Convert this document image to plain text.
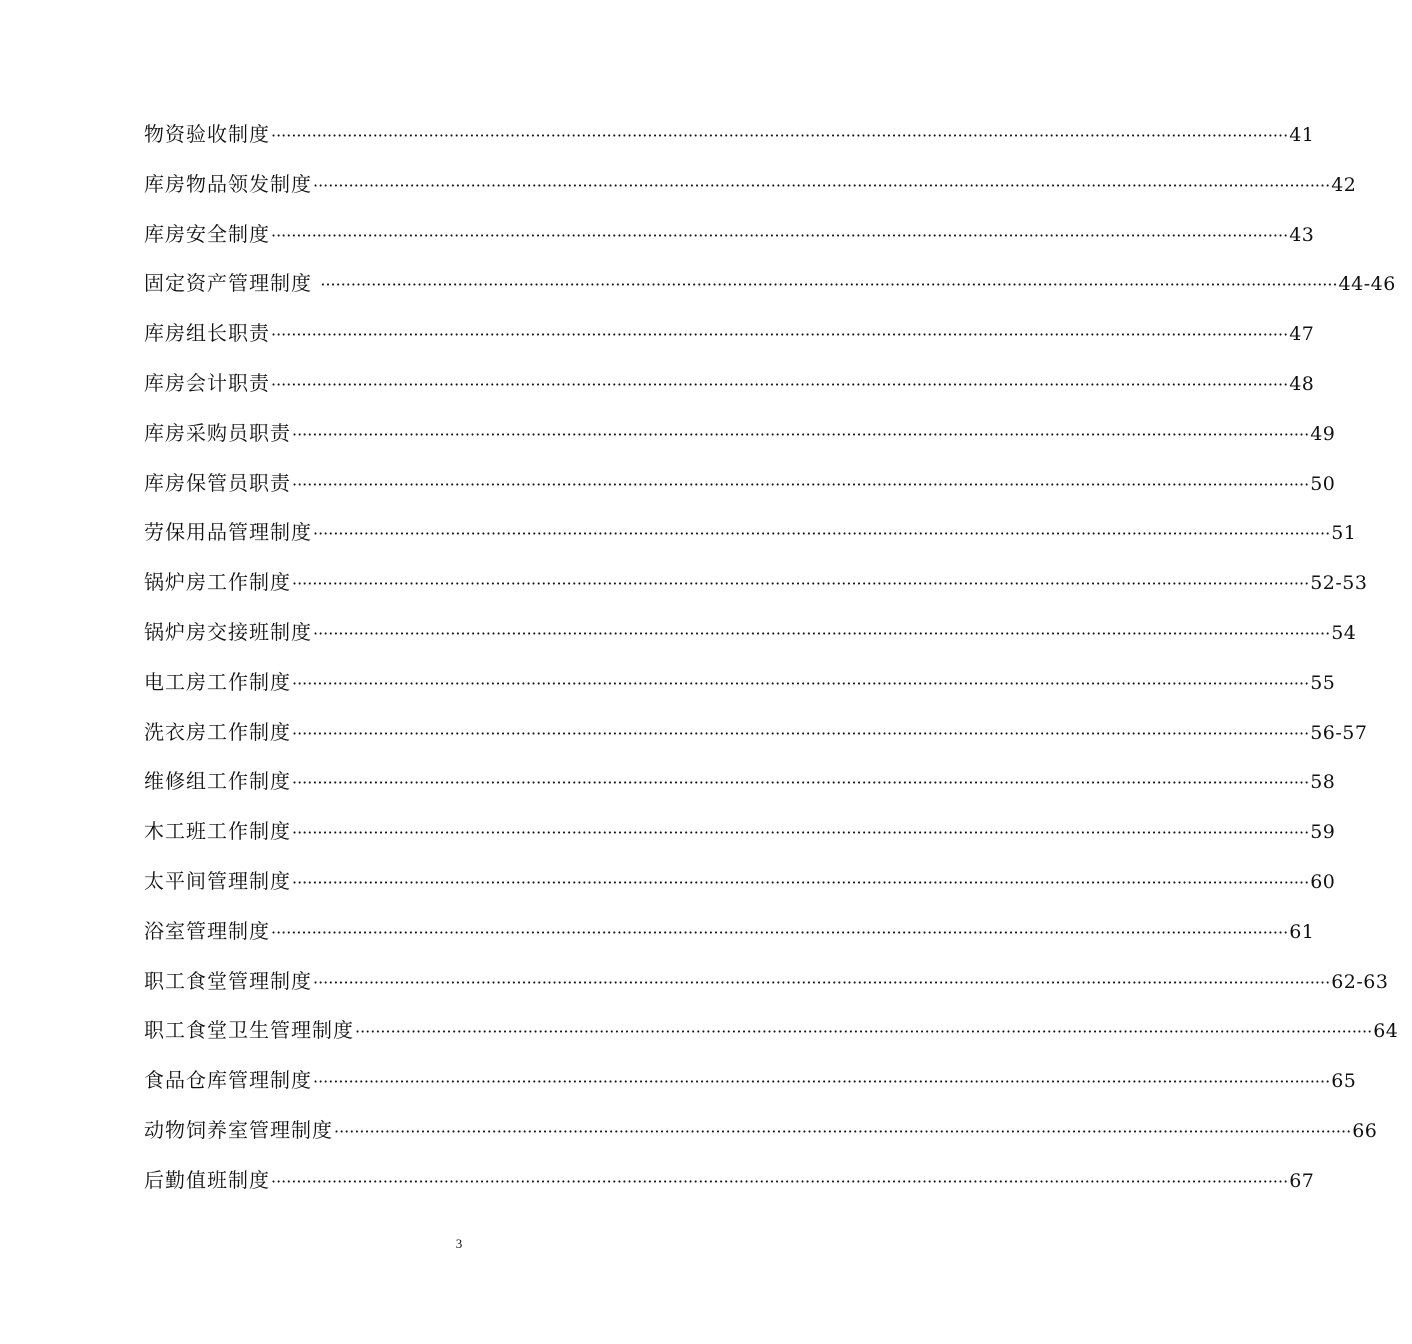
物资验收制度 ········································································································································································································ 41
库房物品领发制度 ········································································································································································································ 42
库房安全制度 ········································································································································································································ 43
固定资产管理制度 ········································································································································································································ 44-46
库房组长职责 ········································································································································································································ 47
库房会计职责 ········································································································································································································ 48
库房采购员职责 ········································································································································································································ 49
库房保管员职责 ········································································································································································································ 50
劳保用品管理制度 ········································································································································································································ 51
锅炉房工作制度 ········································································································································································································ 52-53
锅炉房交接班制度 ········································································································································································································ 54
电工房工作制度 ········································································································································································································ 55
洗衣房工作制度 ········································································································································································································ 56-57
维修组工作制度 ········································································································································································································ 58
木工班工作制度 ········································································································································································································ 59
太平间管理制度 ········································································································································································································ 60
浴室管理制度 ········································································································································································································ 61
职工食堂管理制度 ········································································································································································································ 62-63
职工食堂卫生管理制度 ········································································································································································································ 64
食品仓库管理制度 ········································································································································································································ 65
动物饲养室管理制度 ········································································································································································································ 66
后勤值班制度 ········································································································································································································ 67
3
